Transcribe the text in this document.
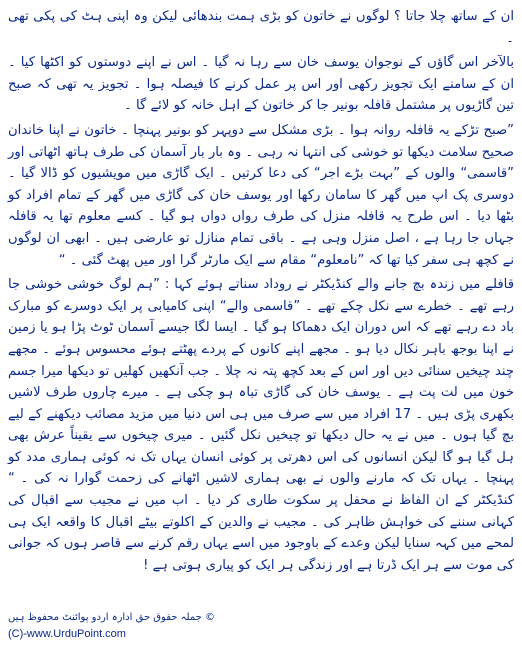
ان کے ساتھ چلا جاتا ؟ لوگوں نے خاتون کو بڑی ہمت بندھائی لیکن وہ اپنی ہٹ کی پکی تھی ۔

بالآخر اس گاؤں کے نوجوان یوسف خان سے رہا نہ گیا ۔ اس نے اپنے دوستوں کو اکٹھا کیا ۔ ان کے سامنے ایک تجویز رکھی اور اس پر عمل کرنے کا فیصلہ ہوا ۔ تجویز یہ تھی کہ صبح تین گاڑیوں پر مشتمل قافلہ بونیر جا کر خاتون کے اہل خانہ کو لائے گا ۔

”صبح تڑکے یہ قافلہ روانہ ہوا ۔ بڑی مشکل سے دوپہر کو بونیر پہنچا ۔ خاتون نے اپنا خاندان صحیح سلامت دیکھا تو خوشی کی انتہا نہ رہی ۔ وہ بار بار آسمان کی طرف ہاتھ اٹھاتی اور ”قاسمی“ والوں کے ”بہت بڑے اجر“ کی دعا کرتیں ۔ ایک گاڑی میں مویشیوں کو ڈالا گیا ۔ دوسری پک اپ میں گھر کا سامان رکھا اور یوسف خان کی گاڑی میں گھر کے تمام افراد کو بٹھا دیا ۔ اس طرح یہ قافلہ منزل کی طرف رواں دواں ہو گیا ۔ کسے معلوم تھا یہ قافلہ جہاں جا رہا ہے ، اصل منزل وہی ہے ۔ باقی تمام منازل تو عارضی ہیں ۔ ابھی ان لوگوں نے کچھ ہی سفر کیا تھا کہ ”نامعلوم“ مقام سے ایک مارٹر گرا اور میں پھٹ گئی ۔ “

قافلے میں زندہ بچ جانے والے کنڈیکٹر نے روداد سناتے ہوئے کہا : ”ہم لوگ خوشی خوشی جا رہے تھے ۔ خطرے سے نکل چکے تھے ۔ ”قاسمی والے“ اپنی کامیابی پر ایک دوسرے کو مبارک باد دے رہے تھے کہ اس دوران ایک دھماکا ہو گیا ۔ ایسا لگا جیسے آسمان ٹوٹ پڑا ہو یا زمین نے اپنا بوجھ باہر نکال دیا ہو ۔ مجھے اپنے کانوں کے پردے پھٹتے ہوئے محسوس ہوئے ۔ مجھے چند چیخیں سنائی دیں اور اس کے بعد کچھ پتہ نہ چلا ۔ جب آنکھیں کھلیں تو دیکھا میرا جسم خون میں لت پت ہے ۔ یوسف خان کی گاڑی تباہ ہو چکی ہے ۔ میرے چاروں طرف لاشیں بکھری پڑی ہیں ۔ 17 افراد میں سے صرف میں ہی اس دنیا میں مزید مصائب دیکھنے کے لیے بچ گیا ہوں ۔ میں نے یہ حال دیکھا تو چیخیں نکل گئیں ۔ میری چیخوں سے یقیناً عرش بھی ہل گیا ہو گا لیکن انسانوں کی اس دھرتی پر کوئی انسان یہاں تک نہ کوئی ہماری مدد کو پہنچا ۔ یہاں تک کہ مارنے والوں نے بھی ہماری لاشیں اٹھانے کی زحمت گوارا نہ کی ۔ “ کنڈیکٹر کے ان الفاظ نے محفل پر سکوت طاری کر دیا ۔ اب میں نے مجیب سے اقبال کی کہانی سننے کی خواہش ظاہر کی ۔ مجیب نے والدین کے اکلوتے بیٹے اقبال کا واقعہ ایک ہی لمحے میں کہہ سنایا لیکن وعدے کے باوجود میں اسے یہاں رقم کرنے سے قاصر ہوں کہ جوانی کی موت سے ہر ایک ڈرتا ہے اور زندگی ہر ایک کو پیاری ہوتی ہے !

© جملہ حقوق حق ادارہ اردو پوائنٹ محفوظ ہیں
(C)-www.UrduPoint.com
